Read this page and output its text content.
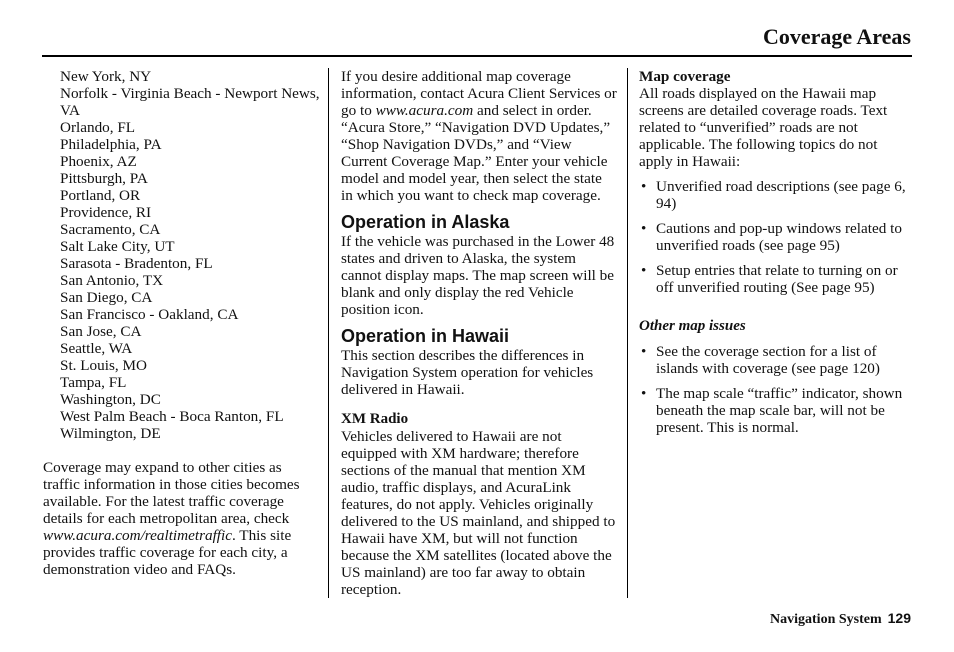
Coverage Areas
New York, NY
Norfolk - Virginia Beach - Newport News, VA
Orlando, FL
Philadelphia, PA
Phoenix, AZ
Pittsburgh, PA
Portland, OR
Providence, RI
Sacramento, CA
Salt Lake City, UT
Sarasota - Bradenton, FL
San Antonio, TX
San Diego, CA
San Francisco - Oakland, CA
San Jose, CA
Seattle, WA
St. Louis, MO
Tampa, FL
Washington, DC
West Palm Beach - Boca Ranton, FL
Wilmington, DE

Coverage may expand to other cities as traffic information in those cities becomes available. For the latest traffic coverage details for each metropolitan area, check www.acura.com/realtimetraffic. This site provides traffic coverage for each city, a demonstration video and FAQs.

If you desire additional map coverage information, contact Acura Client Services or go to www.acura.com and select in order. “Acura Store,” “Navigation DVD Updates,” “Shop Navigation DVDs,” and “View Current Coverage Map.” Enter your vehicle model and model year, then select the state in which you want to check map coverage.

Operation in Alaska

If the vehicle was purchased in the Lower 48 states and driven to Alaska, the system cannot display maps. The map screen will be blank and only display the red Vehicle position icon.

Operation in Hawaii

This section describes the differences in Navigation System operation for vehicles delivered in Hawaii.

XM Radio

Vehicles delivered to Hawaii are not equipped with XM hardware; therefore sections of the manual that mention XM audio, traffic displays, and AcuraLink features, do not apply. Vehicles originally delivered to the US mainland, and shipped to Hawaii have XM, but will not function because the XM satellites (located above the US mainland) are too far away to obtain reception.

Map coverage

All roads displayed on the Hawaii map screens are detailed coverage roads. Text related to “unverified” roads are not applicable. The following topics do not apply in Hawaii:

• Unverified road descriptions (see page 6, 94)
• Cautions and pop-up windows related to unverified roads (see page 95)
• Setup entries that relate to turning on or off unverified routing (See page 95)
Other map issues
• See the coverage section for a list of islands with coverage (see page 120)
• The map scale “traffic” indicator, shown beneath the map scale bar, will not be present. This is normal.
Navigation System 129
